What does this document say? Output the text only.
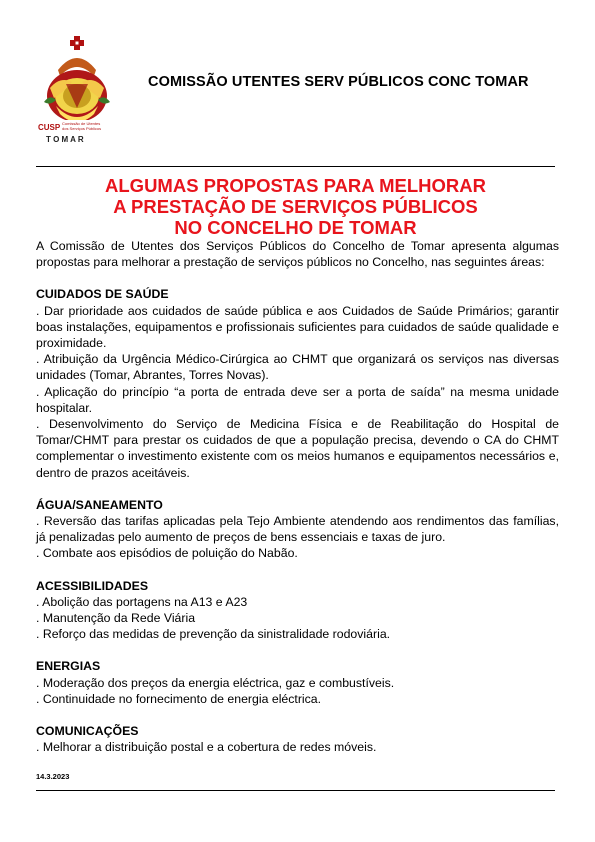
CUSP Comissão de Utentes
dos Serviços Públicos
T O M A R
COMISSÃO UTENTES SERV PÚBLICOS CONC TOMAR
ALGUMAS PROPOSTAS PARA MELHORAR
A PRESTAÇÃO DE SERVIÇOS PÚBLICOS
NO CONCELHO DE TOMAR

A Comissão de Utentes dos Serviços Públicos do Concelho de Tomar apresenta algumas propostas para melhorar a prestação de serviços públicos no Concelho, nas seguintes áreas:

CUIDADOS DE SAÚDE

. Dar prioridade aos cuidados de saúde pública e aos Cuidados de Saúde Primários; garantir boas instalações, equipamentos e profissionais suficientes para cuidados de saúde qualidade e proximidade.

. Atribuição da Urgência Médico-Cirúrgica ao CHMT que organizará os serviços nas diversas unidades (Tomar, Abrantes, Torres Novas).

. Aplicação do princípio “a porta de entrada deve ser a porta de saída” na mesma unidade hospitalar.

. Desenvolvimento do Serviço de Medicina Física e de Reabilitação do Hospital de Tomar/CHMT para prestar os cuidados de que a população precisa, devendo o CA do CHMT complementar o investimento existente com os meios humanos e equipamentos necessários e, dentro de prazos aceitáveis.

ÁGUA/SANEAMENTO

. Reversão das tarifas aplicadas pela Tejo Ambiente atendendo aos rendimentos das famílias, já penalizadas pelo aumento de preços de bens essenciais e taxas de juro.

. Combate aos episódios de poluição do Nabão.

ACESSIBILIDADES

. Abolição das portagens na A13 e A23

. Manutenção da Rede Viária

. Reforço das medidas de prevenção da sinistralidade rodoviária.

ENERGIAS

. Moderação dos preços da energia eléctrica, gaz e combustíveis.

. Continuidade no fornecimento de energia eléctrica.

COMUNICAÇÕES

. Melhorar a distribuição postal e a cobertura de redes móveis.

14.3.2023
